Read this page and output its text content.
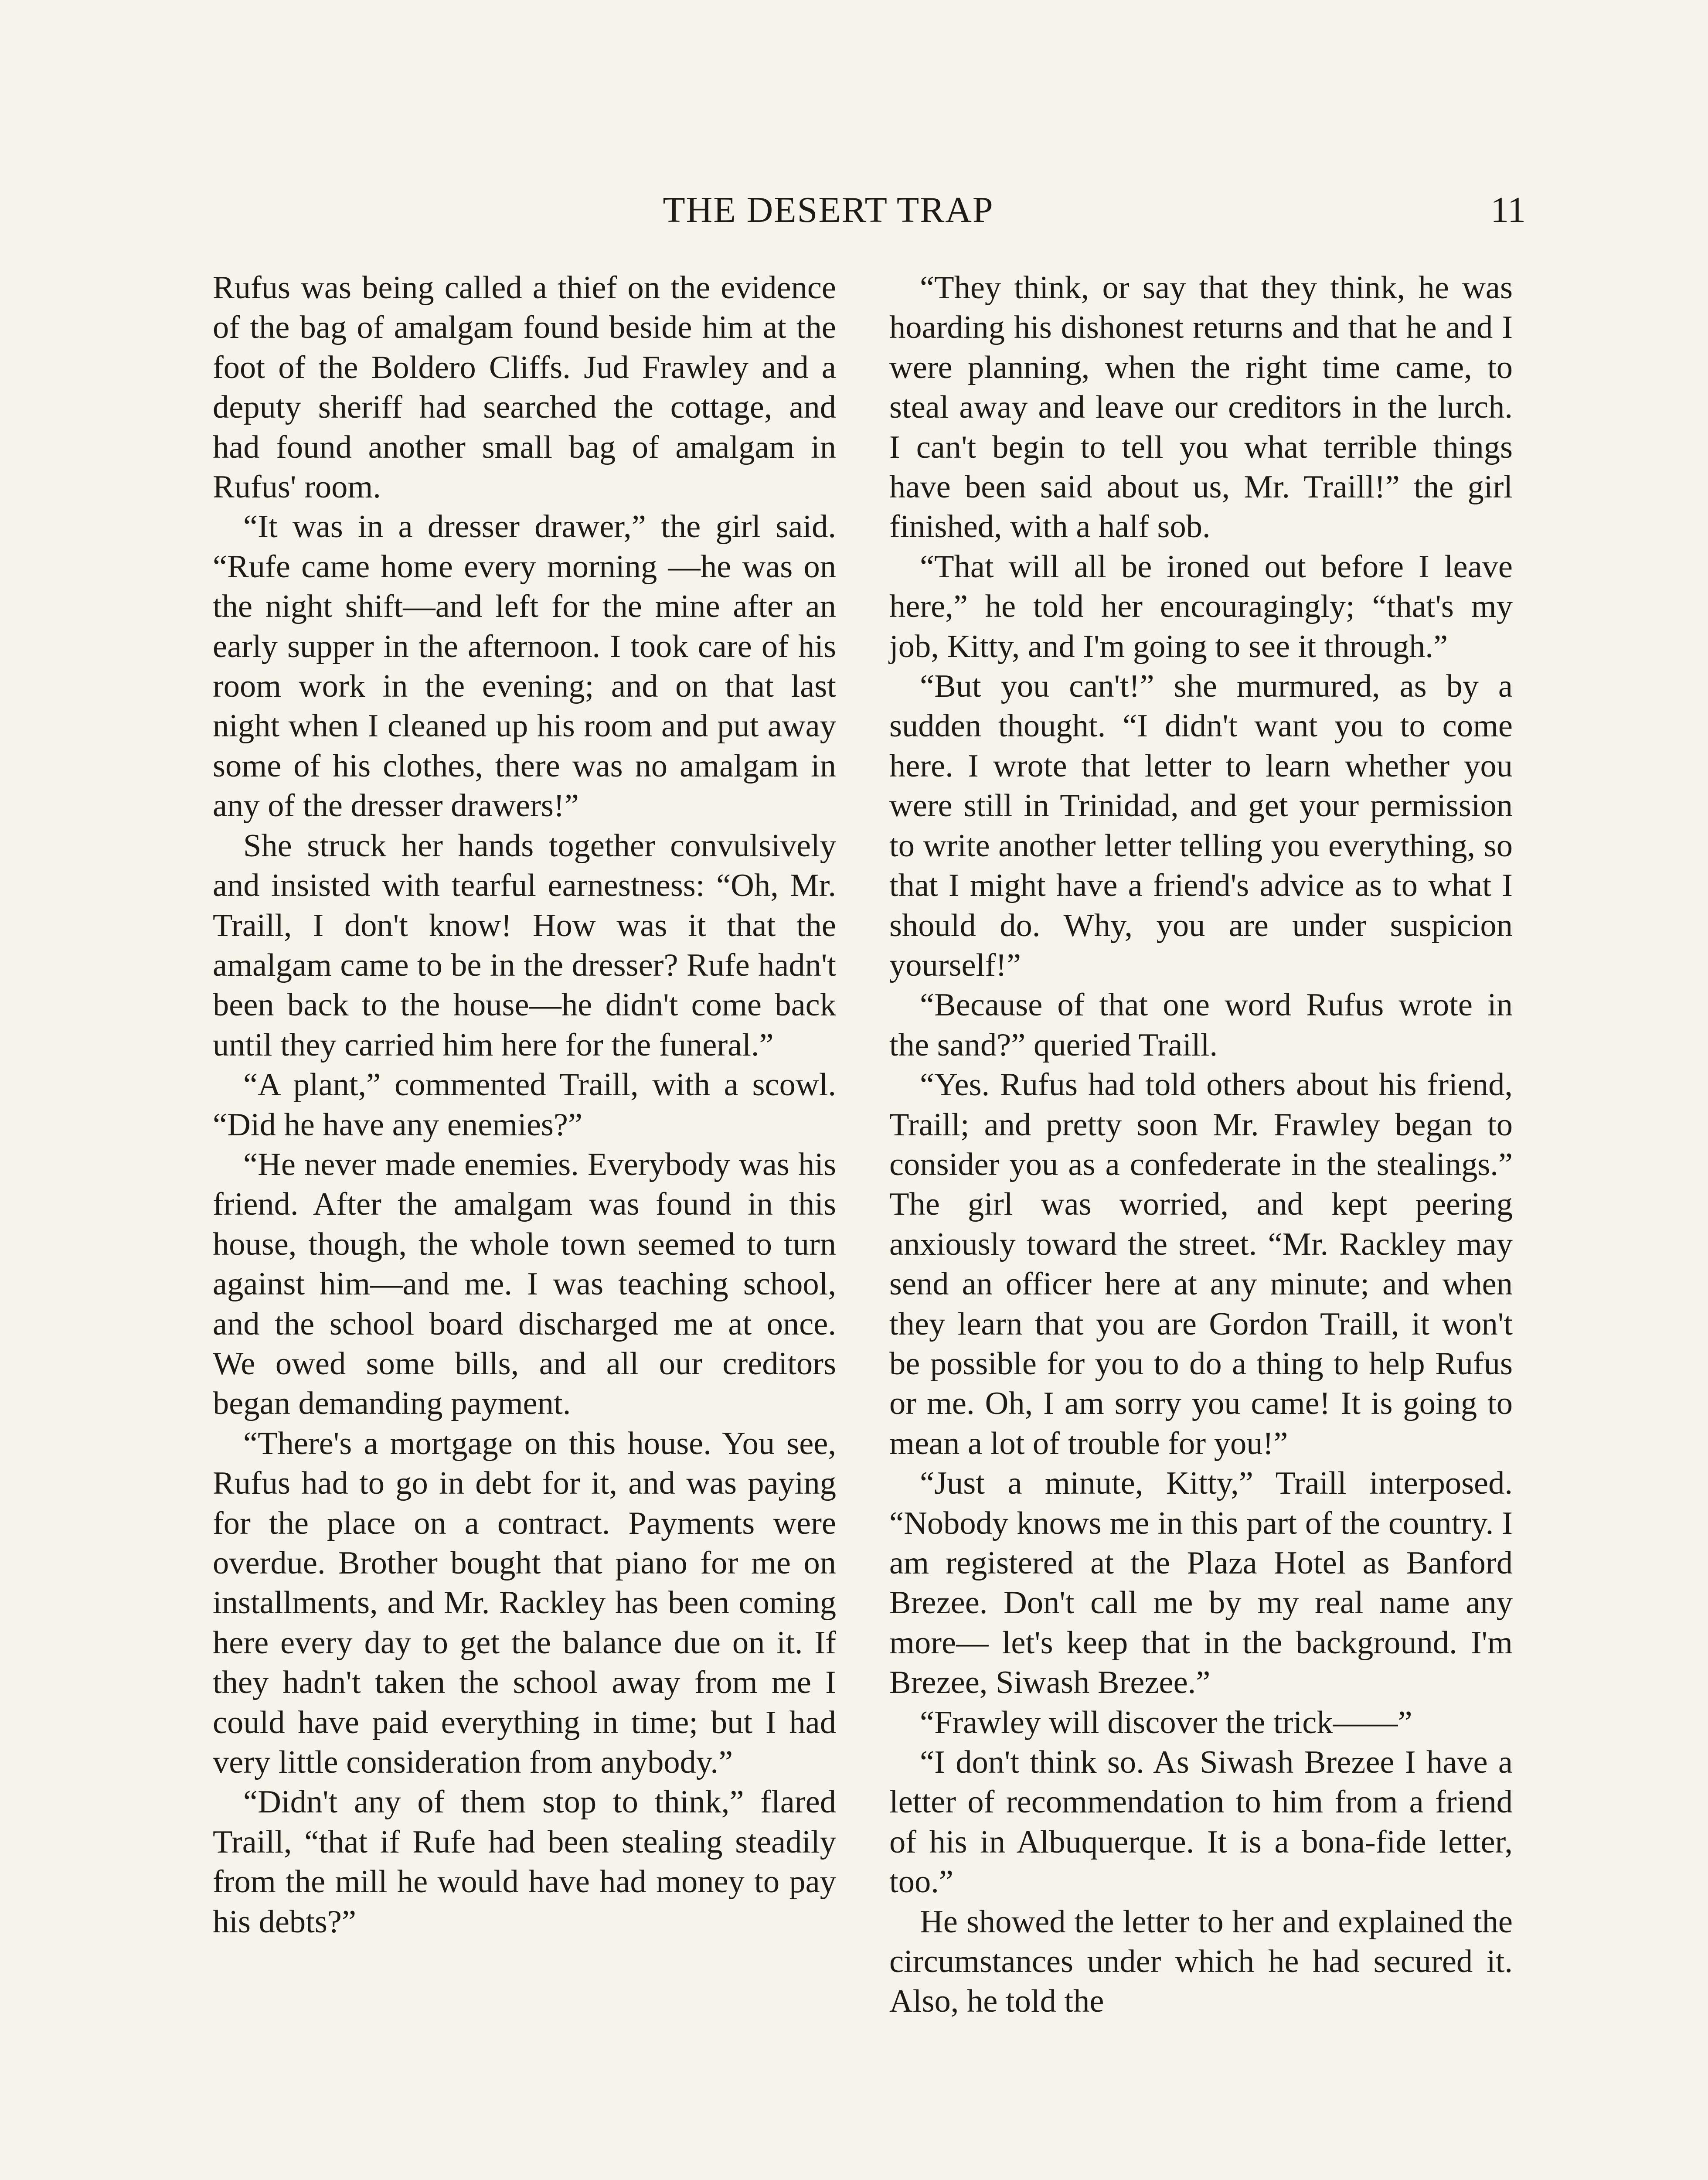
THE DESERT TRAP	11

Rufus was being called a thief on the evidence of the bag of amalgam found beside him at the foot of the Boldero Cliffs. Jud Frawley and a deputy sheriff had searched the cottage, and had found another small bag of amalgam in Rufus' room.

“It was in a dresser drawer,” the girl said. “Rufe came home every morning —he was on the night shift—and left for the mine after an early supper in the afternoon. I took care of his room work in the evening; and on that last night when I cleaned up his room and put away some of his clothes, there was no amalgam in any of the dresser drawers!”

She struck her hands together convulsively and insisted with tearful earnestness: “Oh, Mr. Traill, I don't know! How was it that the amalgam came to be in the dresser? Rufe hadn't been back to the house—he didn't come back until they carried him here for the funeral.”

“A plant,” commented Traill, with a scowl. “Did he have any enemies?”

“He never made enemies. Everybody was his friend. After the amalgam was found in this house, though, the whole town seemed to turn against him—and me. I was teaching school, and the school board discharged me at once. We owed some bills, and all our creditors began demanding payment.

“There's a mortgage on this house. You see, Rufus had to go in debt for it, and was paying for the place on a contract. Payments were overdue. Brother bought that piano for me on installments, and Mr. Rackley has been coming here every day to get the balance due on it. If they hadn't taken the school away from me I could have paid everything in time; but I had very little consideration from anybody.”

“Didn't any of them stop to think,” flared Traill, “that if Rufe had been stealing steadily from the mill he would have had money to pay his debts?”

“They think, or say that they think, he was hoarding his dishonest returns and that he and I were planning, when the right time came, to steal away and leave our creditors in the lurch. I can't begin to tell you what terrible things have been said about us, Mr. Traill!” the girl finished, with a half sob.

“That will all be ironed out before I leave here,” he told her encouragingly; “that's my job, Kitty, and I'm going to see it through.”

“But you can't!” she murmured, as by a sudden thought. “I didn't want you to come here. I wrote that letter to learn whether you were still in Trinidad, and get your permission to write another letter telling you everything, so that I might have a friend's advice as to what I should do. Why, you are under suspicion yourself!”

“Because of that one word Rufus wrote in the sand?” queried Traill.

“Yes. Rufus had told others about his friend, Traill; and pretty soon Mr. Frawley began to consider you as a confederate in the stealings.” The girl was worried, and kept peering anxiously toward the street. “Mr. Rackley may send an officer here at any minute; and when they learn that you are Gordon Traill, it won't be possible for you to do a thing to help Rufus or me. Oh, I am sorry you came! It is going to mean a lot of trouble for you!”

“Just a minute, Kitty,” Traill interposed. “Nobody knows me in this part of the country. I am registered at the Plaza Hotel as Banford Brezee. Don't call me by my real name any more— let's keep that in the background. I'm Brezee, Siwash Brezee.”

“Frawley will discover the trick——”

“I don't think so. As Siwash Brezee I have a letter of recommendation to him from a friend of his in Albuquerque. It is a bona-fide letter, too.”

He showed the letter to her and explained the circumstances under which he had secured it. Also, he told the
